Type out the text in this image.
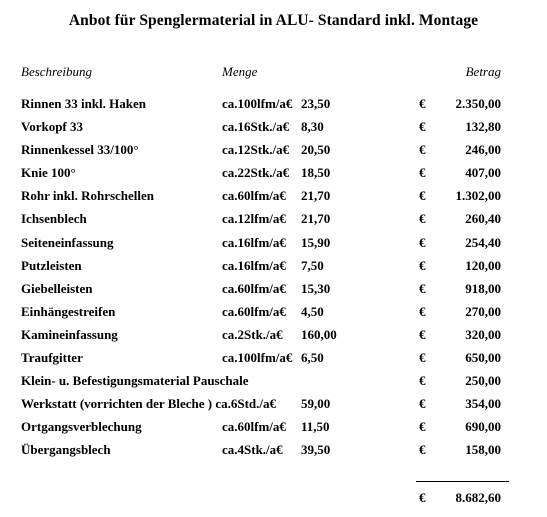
Anbot für Spenglermaterial in ALU- Standard inkl. Montage
Beschreibung	Menge	Betrag
Rinnen 33 inkl. Haken	ca.100lfm/a€ 23,50	€ 2.350,00
Vorkopf 33	ca.16Stk./a€ 8,30	€	132,80
Rinnenkessel 33/100°	ca.12Stk./a€ 20,50	€	246,00
Knie 100°	ca.22Stk./a€ 18,50	€	407,00
Rohr inkl. Rohrschellen	ca.60lfm/a€ 21,70	€ 1.302,00
Ichsenblech	ca.12lfm/a€ 21,70	€	260,40
Seiteneinfassung	ca.16lfm/a€ 15,90	€	254,40
Putzleisten	ca.16lfm/a€ 7,50	€	120,00
Giebelleisten	ca.60lfm/a€ 15,30	€	918,00
Einhängestreifen	ca.60lfm/a€ 4,50	€	270,00
Kamineinfassung	ca.2Stk./a€ 160,00	€	320,00
Traufgitter	ca.100lfm/a€ 6,50	€	650,00
Klein- u. Befestigungsmaterial Pauschale	€	250,00
Werkstatt (vorrichten der Bleche ) ca.6Std./a€ 59,00	€	354,00
Ortgangsverblechung	ca.60lfm/a€ 11,50	€	690,00
Übergangsblech	ca.4Stk./a€ 39,50	€	158,00
€ 8.682,60
